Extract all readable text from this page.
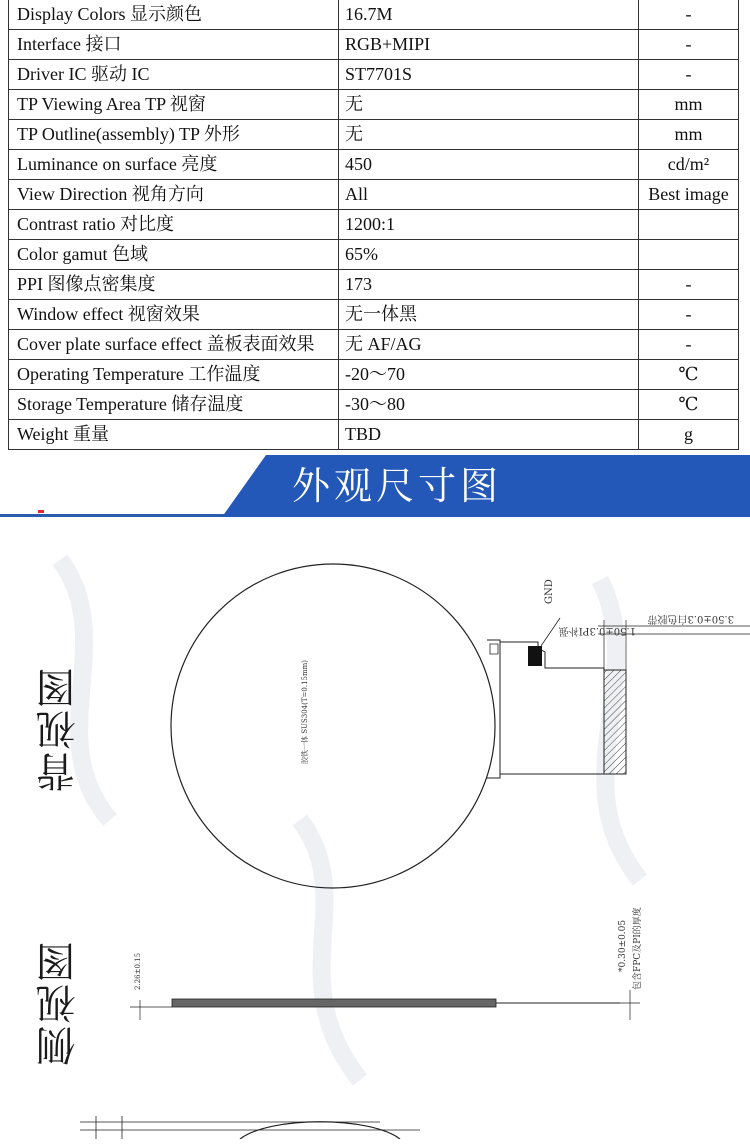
Display Colors 显示颜色	16.7M	-
Interface 接口	RGB+MIPI	-
Driver IC 驱动 IC	ST7701S	-
TP Viewing Area TP 视窗	无	mm
TP Outline(assembly) TP 外形	无	mm
Luminance on surface 亮度	450	cd/m²
View Direction 视角方向	All	Best image
Contrast ratio 对比度	1200:1	
Color gamut 色域	65%	
PPI 图像点密集度	173	-
Window effect 视窗效果	无一体黑	-
Cover plate surface effect 盖板表面效果	无 AF/AG	-
Operating Temperature 工作温度	-20～70	℃
Storage Temperature 储存温度	-30～80	℃
Weight 重量	TBD	g
外观尺寸图
背视图
侧视图
GND
胶铁一体 SUS304(T=0.15mm)
1.50±0.3PI补强
3.50±0.3白色胶带
2.26±0.15	*0.30±0.05 包含FPC及PI的厚度
